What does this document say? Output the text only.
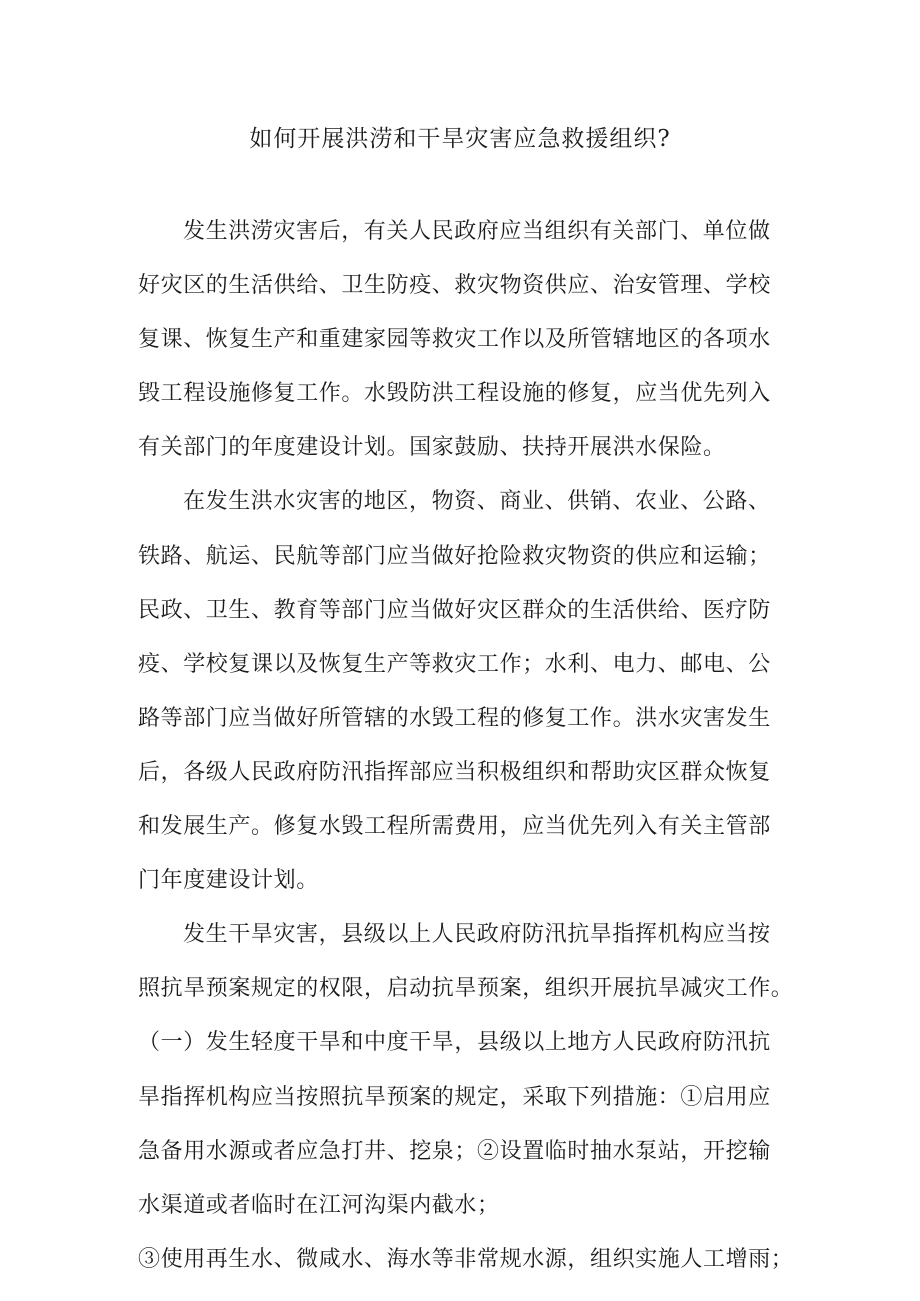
如何开展洪涝和干旱灾害应急救援组织?
发生洪涝灾害后，有关人民政府应当组织有关部门、单位做
好灾区的生活供给、卫生防疫、救灾物资供应、治安管理、学校
复课、恢复生产和重建家园等救灾工作以及所管辖地区的各项水
毁工程设施修复工作。水毁防洪工程设施的修复，应当优先列入
有关部门的年度建设计划。国家鼓励、扶持开展洪水保险。
在发生洪水灾害的地区，物资、商业、供销、农业、公路、
铁路、航运、民航等部门应当做好抢险救灾物资的供应和运输；
民政、卫生、教育等部门应当做好灾区群众的生活供给、医疗防
疫、学校复课以及恢复生产等救灾工作；水利、电力、邮电、公
路等部门应当做好所管辖的水毁工程的修复工作。洪水灾害发生
后，各级人民政府防汛指挥部应当积极组织和帮助灾区群众恢复
和发展生产。修复水毁工程所需费用，应当优先列入有关主管部
门年度建设计划。
发生干旱灾害，县级以上人民政府防汛抗旱指挥机构应当按
照抗旱预案规定的权限，启动抗旱预案，组织开展抗旱减灾工作。
（一）发生轻度干旱和中度干旱，县级以上地方人民政府防汛抗
旱指挥机构应当按照抗旱预案的规定，采取下列措施：①启用应
急备用水源或者应急打井、挖泉；②设置临时抽水泵站，开挖输
水渠道或者临时在江河沟渠内截水；
③使用再生水、微咸水、海水等非常规水源，组织实施人工增雨；
